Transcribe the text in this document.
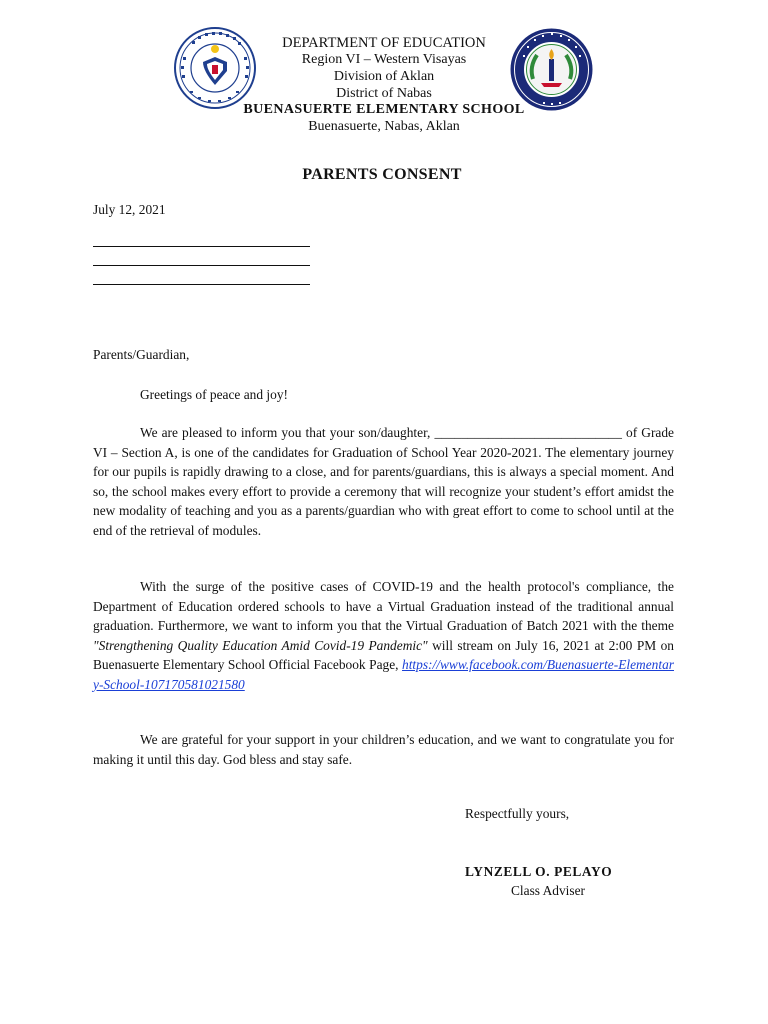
DEPARTMENT OF EDUCATION
Region VI – Western Visayas
Division of Aklan
District of Nabas
BUENASUERTE ELEMENTARY SCHOOL
Buenasuerte, Nabas, Aklan
PARENTS CONSENT
July 12, 2021
Parents/Guardian,
Greetings of peace and joy!
We are pleased to inform you that your son/daughter, ____________________________ of Grade VI – Section A, is one of the candidates for Graduation of School Year 2020-2021. The elementary journey for our pupils is rapidly drawing to a close, and for parents/guardians, this is always a special moment. And so, the school makes every effort to provide a ceremony that will recognize your student’s effort amidst the new modality of teaching and you as a parents/guardian who with great effort to come to school until at the end of the retrieval of modules.
With the surge of the positive cases of COVID-19 and the health protocol's compliance, the Department of Education ordered schools to have a Virtual Graduation instead of the traditional annual graduation. Furthermore, we want to inform you that the Virtual Graduation of Batch 2021 with the theme "Strengthening Quality Education Amid Covid-19 Pandemic" will stream on July 16, 2021 at 2:00 PM on Buenasuerte Elementary School Official Facebook Page, https://www.facebook.com/Buenasuerte-Elementary-School-107170581021580
We are grateful for your support in your children’s education, and we want to congratulate you for making it until this day. God bless and stay safe.
Respectfully yours,
LYNZELL O. PELAYO
Class Adviser
